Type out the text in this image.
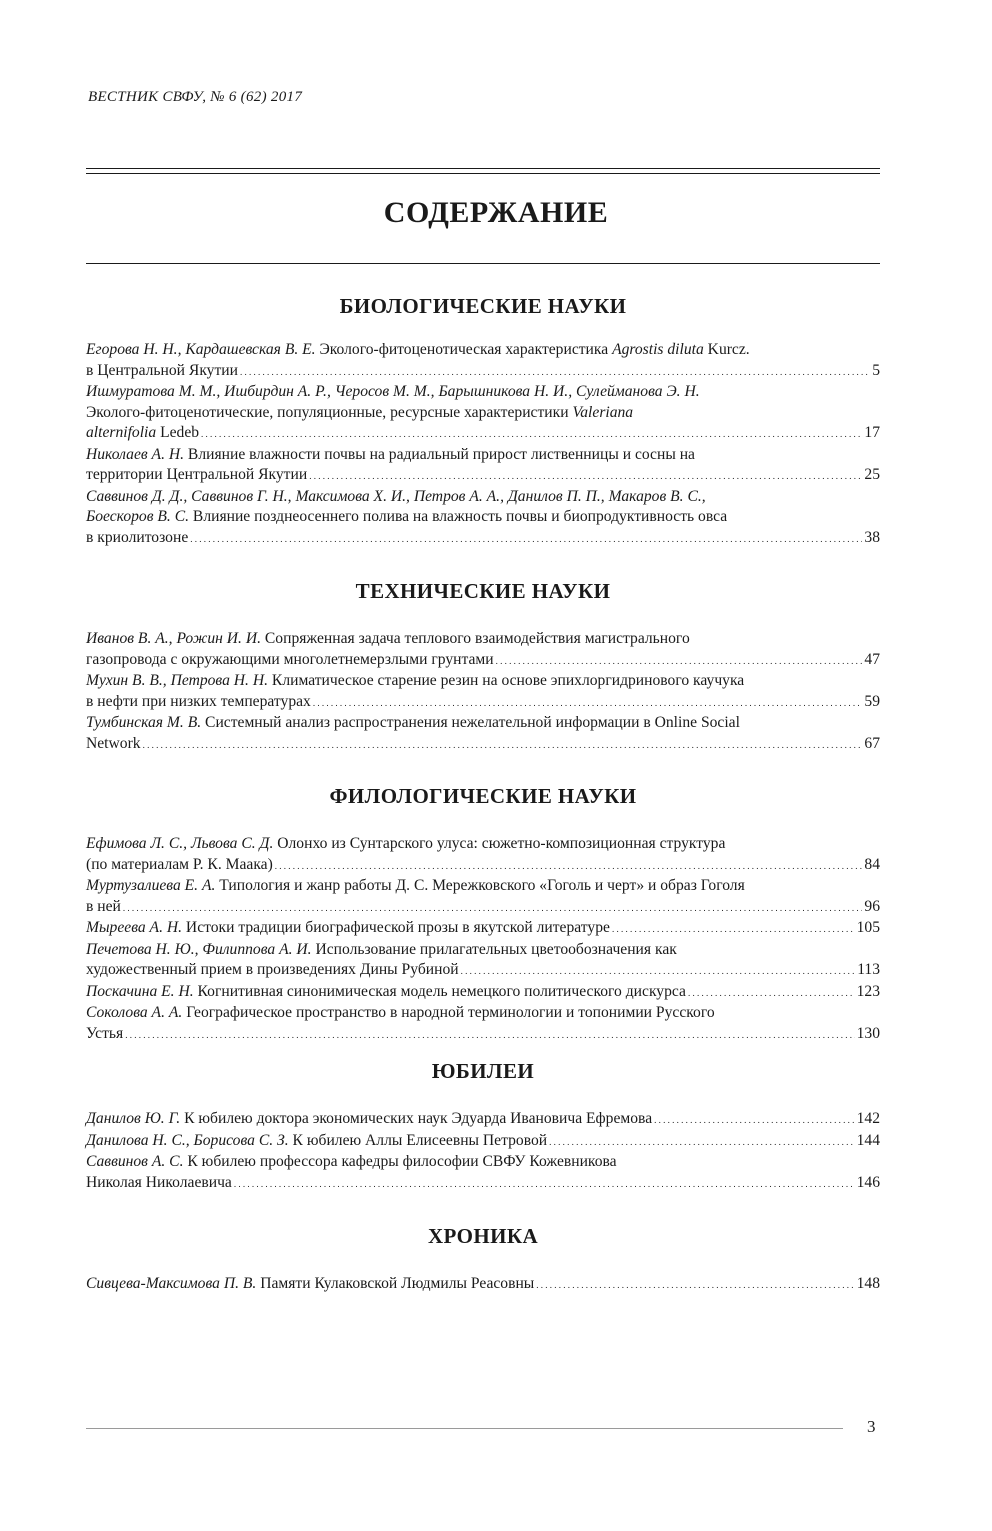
ВЕСТНИК СВФУ, № 6 (62) 2017
СОДЕРЖАНИЕ
БИОЛОГИЧЕСКИЕ НАУКИ
Егорова Н. Н., Кардашевская В. Е. Эколого-фитоценотическая характеристика Agrostis diluta Kurcz.
в Центральной Якутии . . .	5
Ишмуратова М. М., Ишбирдин А. Р., Черосов М. М., Барышникова Н. И., Сулейманова Э. Н.
Эколого-фитоценотические, популяционные, ресурсные характеристики Valeriana
alternifolia Ledeb . . .	17
Николаев А. Н. Влияние влажности почвы на радиальный прирост лиственницы и сосны на
территории Центральной Якутии . . .	25
Саввинов Д. Д., Саввинов Г. Н., Максимова Х. И., Петров А. А., Данилов П. П., Макаров В. С.,
Боескоров В. С. Влияние позднеосеннего полива на влажность почвы и биопродуктивность овса
в криолитозоне . . .	38
ТЕХНИЧЕСКИЕ НАУКИ
Иванов В. А., Рожин И. И. Сопряженная задача теплового взаимодействия магистрального
газопровода с окружающими многолетнемерзлыми грунтами . . .	47
Мухин В. В., Петрова Н. Н. Климатическое старение резин на основе эпихлоргидринового каучука
в нефти при низких температурах . . .	59
Тумбинская М. В. Системный анализ распространения нежелательной информации в Online Social
Network . . .	67
ФИЛОЛОГИЧЕСКИЕ НАУКИ
Ефимова Л. С., Львова С. Д. Олонхо из Сунтарского улуса: сюжетно-композиционная структура
(по материалам Р. К. Маака) . . .	84
Муртузалиева Е. А. Типология и жанр работы Д. С. Мережковского «Гоголь и черт» и образ Гоголя
в ней . . .	96
Мыреева А. Н. Истоки традиции биографической прозы в якутской литературе . . .	105
Печетова Н. Ю., Филиппова А. И. Использование прилагательных цветообозначения как
художественный прием в произведениях Дины Рубиной . . .	113
Поскачина Е. Н. Когнитивная синонимическая модель немецкого политического дискурса . . .	123
Соколова А. А. Географическое пространство в народной терминологии и топонимии Русского
Устья . . .	130
ЮБИЛЕИ
Данилов Ю. Г. К юбилею доктора экономических наук Эдуарда Ивановича Ефремова . . .	142
Данилова Н. С., Борисова С. З. К юбилею Аллы Елисеевны Петровой . . .	144
Саввинов А. С. К юбилею профессора кафедры философии СВФУ Кожевникова
Николая Николаевича . . .	146
ХРОНИКА
Сивцева-Максимова П. В. Памяти Кулаковской Людмилы Реасовны . . .	148
3
